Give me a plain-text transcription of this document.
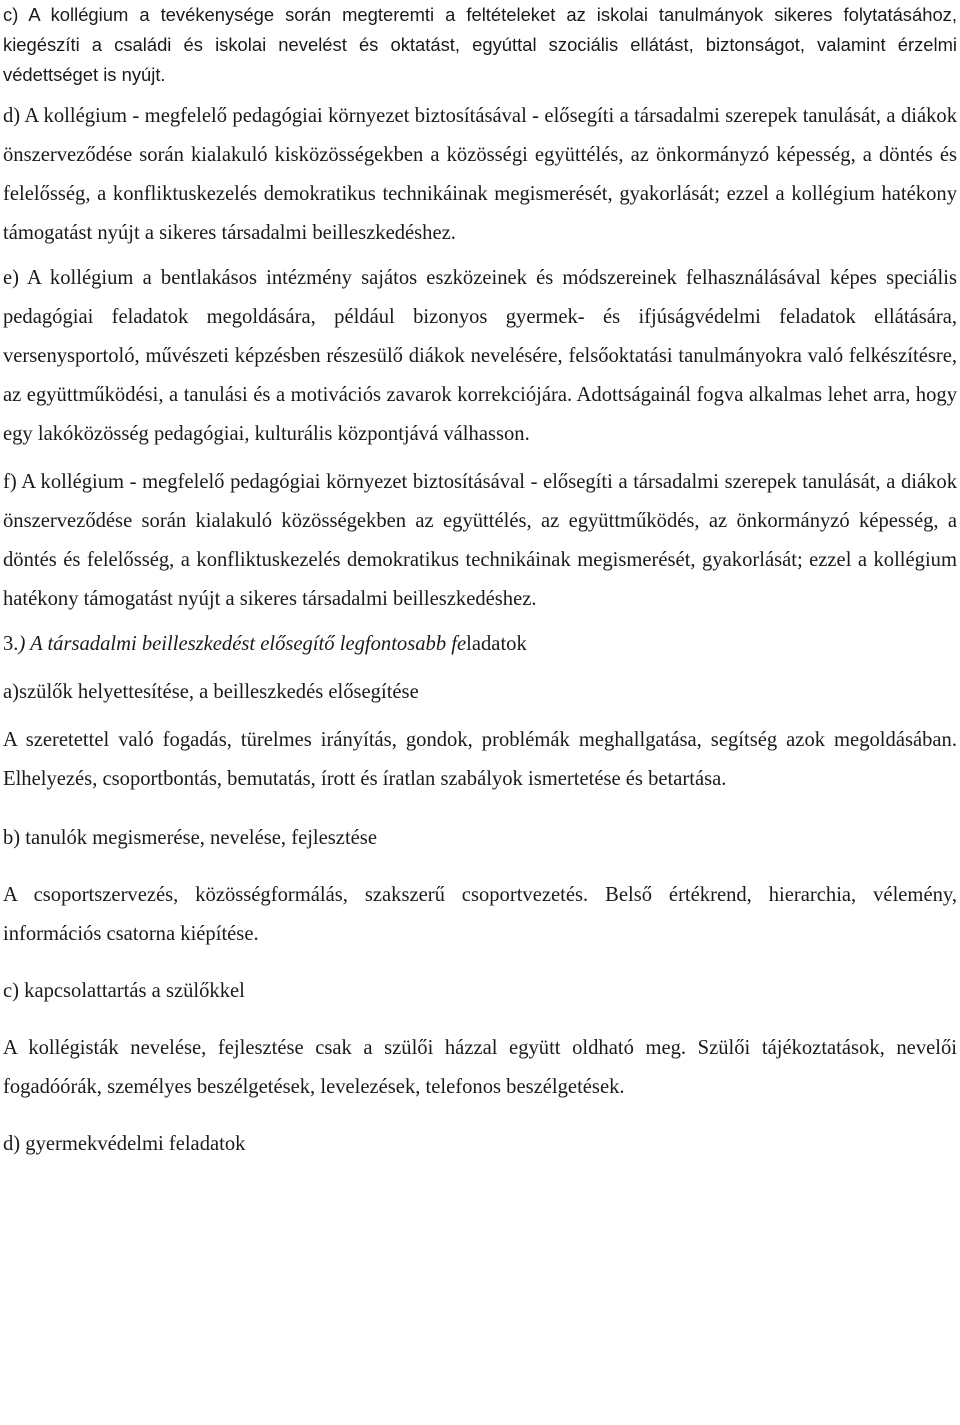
c) A kollégium a tevékenysége során megteremti a feltételeket az iskolai tanulmányok sikeres folytatásához, kiegészíti a családi és iskolai nevelést és oktatást, egyúttal szociális ellátást, biztonságot, valamint érzelmi védettséget is nyújt.

d) A kollégium - megfelelő pedagógiai környezet biztosításával - elősegíti a társadalmi szerepek tanulását, a diákok önszerveződése során kialakuló kisközösségekben a közösségi együttélés, az önkormányzó képesség, a döntés és felelősség, a konfliktuskezelés demokratikus technikáinak megismerését, gyakorlását; ezzel a kollégium hatékony támogatást nyújt a sikeres társadalmi beilleszkedéshez.

e) A kollégium a bentlakásos intézmény sajátos eszközeinek és módszereinek felhasználásával képes speciális pedagógiai feladatok megoldására, például bizonyos gyermek- és ifjúságvédelmi feladatok ellátására, versenysportoló, művészeti képzésben részesülő diákok nevelésére, felsőoktatási tanulmányokra való felkészítésre, az együttműködési, a tanulási és a motivációs zavarok korrekciójára. Adottságainál fogva alkalmas lehet arra, hogy egy lakóközösség pedagógiai, kulturális központjává válhasson.

f) A kollégium - megfelelő pedagógiai környezet biztosításával - elősegíti a társadalmi szerepek tanulását, a diákok önszerveződése során kialakuló közösségekben az együttélés, az együttműködés, az önkormányzó képesség, a döntés és felelősség, a konfliktuskezelés demokratikus technikáinak megismerését, gyakorlását; ezzel a kollégium hatékony támogatást nyújt a sikeres társadalmi beilleszkedéshez.

3.) A társadalmi beilleszkedést elősegítő legfontosabb feladatok

a)szülők helyettesítése, a beilleszkedés elősegítése

A szeretettel való fogadás, türelmes irányítás, gondok, problémák meghallgatása, segítség azok megoldásában. Elhelyezés, csoportbontás, bemutatás, írott és íratlan szabályok ismertetése és betartása.

b) tanulók megismerése, nevelése, fejlesztése

A csoportszervezés, közösségformálás, szakszerű csoportvezetés. Belső értékrend, hierarchia, vélemény, információs csatorna kiépítése.

c) kapcsolattartás a szülőkkel

A kollégisták nevelése, fejlesztése csak a szülői házzal együtt oldható meg. Szülői tájékoztatások, nevelői fogadóórák, személyes beszélgetések, levelezések, telefonos beszélgetések.

d) gyermekvédelmi feladatok
